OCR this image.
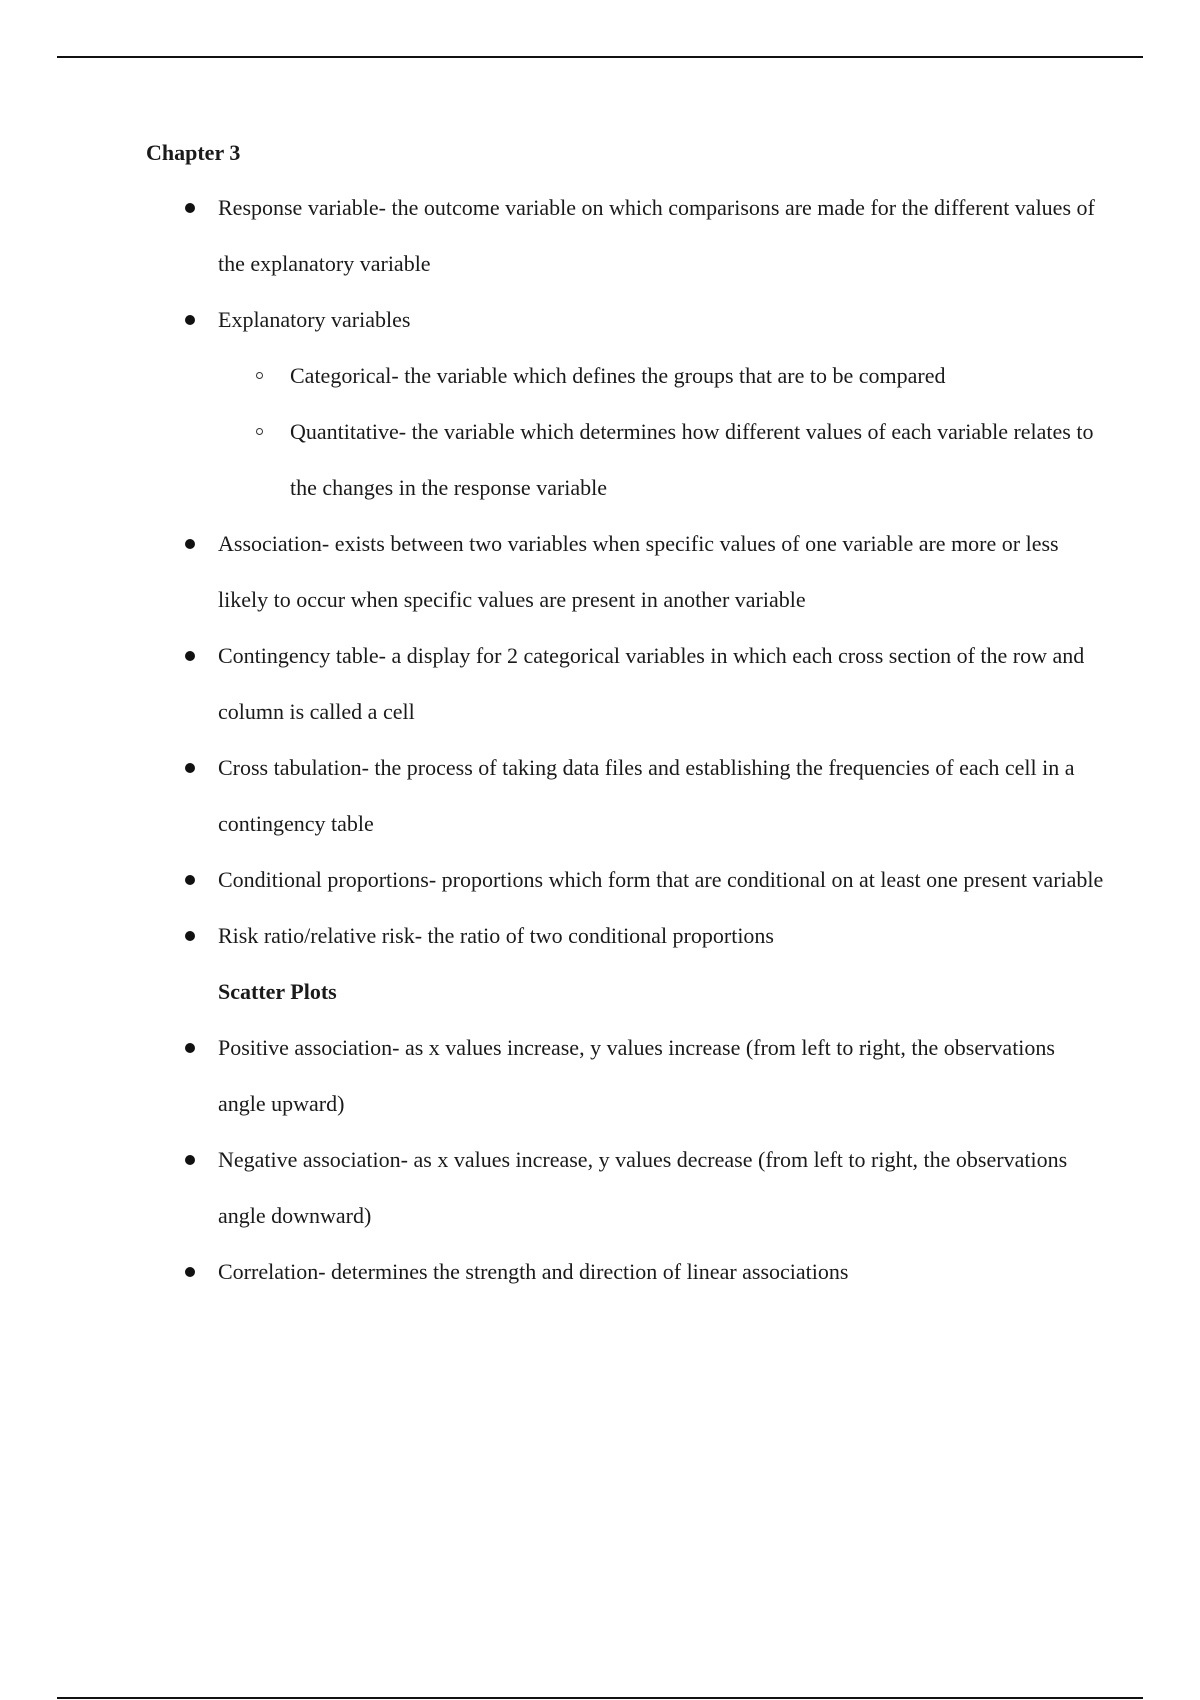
Chapter 3
Response variable- the outcome variable on which comparisons are made for the different values of the explanatory variable
Explanatory variables
Categorical- the variable which defines the groups that are to be compared
Quantitative- the variable which determines how different values of each variable relates to the changes in the response variable
Association- exists between two variables when specific values of one variable are more or less likely to occur when specific values are present in another variable
Contingency table- a display for 2 categorical variables in which each cross section of the row and column is called a cell
Cross tabulation- the process of taking data files and establishing the frequencies of each cell in a contingency table
Conditional proportions- proportions which form that are conditional on at least one present variable
Risk ratio/relative risk- the ratio of two conditional proportions
Scatter Plots
Positive association- as x values increase, y values increase (from left to right, the observations angle upward)
Negative association- as x values increase, y values decrease (from left to right, the observations angle downward)
Correlation- determines the strength and direction of linear associations
